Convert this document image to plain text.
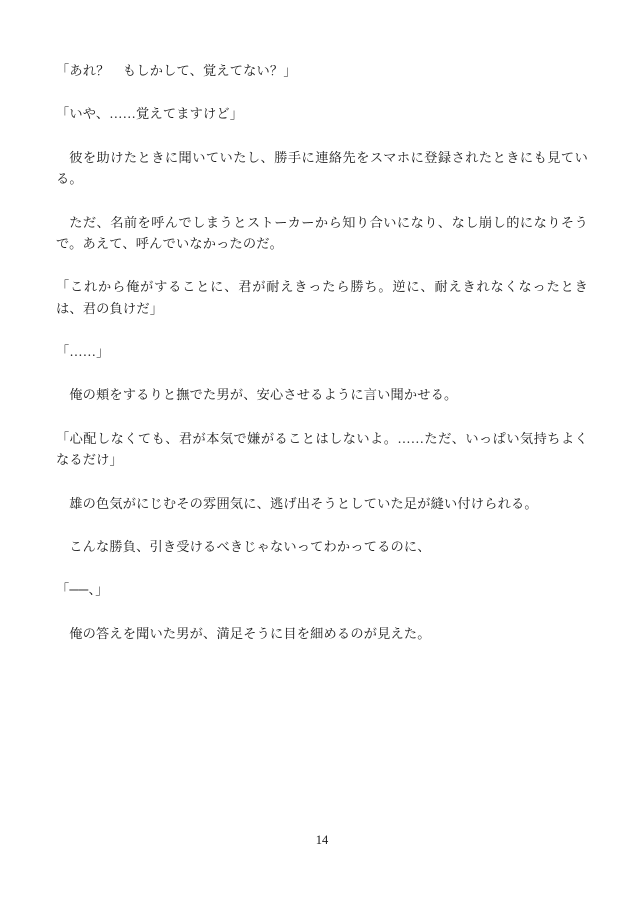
「あれ？　もしかして、覚えてない？」

「いや、……覚えてますけど」

彼を助けたときに聞いていたし、勝手に連絡先をスマホに登録されたときにも見ている。

ただ、名前を呼んでしまうとストーカーから知り合いになり、なし崩し的になりそうで。あえて、呼んでいなかったのだ。

「これから俺がすることに、君が耐えきったら勝ち。逆に、耐えきれなくなったときは、君の負けだ」

「……」

俺の頬をするりと撫でた男が、安心させるように言い聞かせる。

「心配しなくても、君が本気で嫌がることはしないよ。……ただ、いっぱい気持ちよくなるだけ」

雄の色気がにじむその雰囲気に、逃げ出そうとしていた足が縫い付けられる。

こんな勝負、引き受けるべきじゃないってわかってるのに、

「──、」

俺の答えを聞いた男が、満足そうに目を細めるのが見えた。

14
